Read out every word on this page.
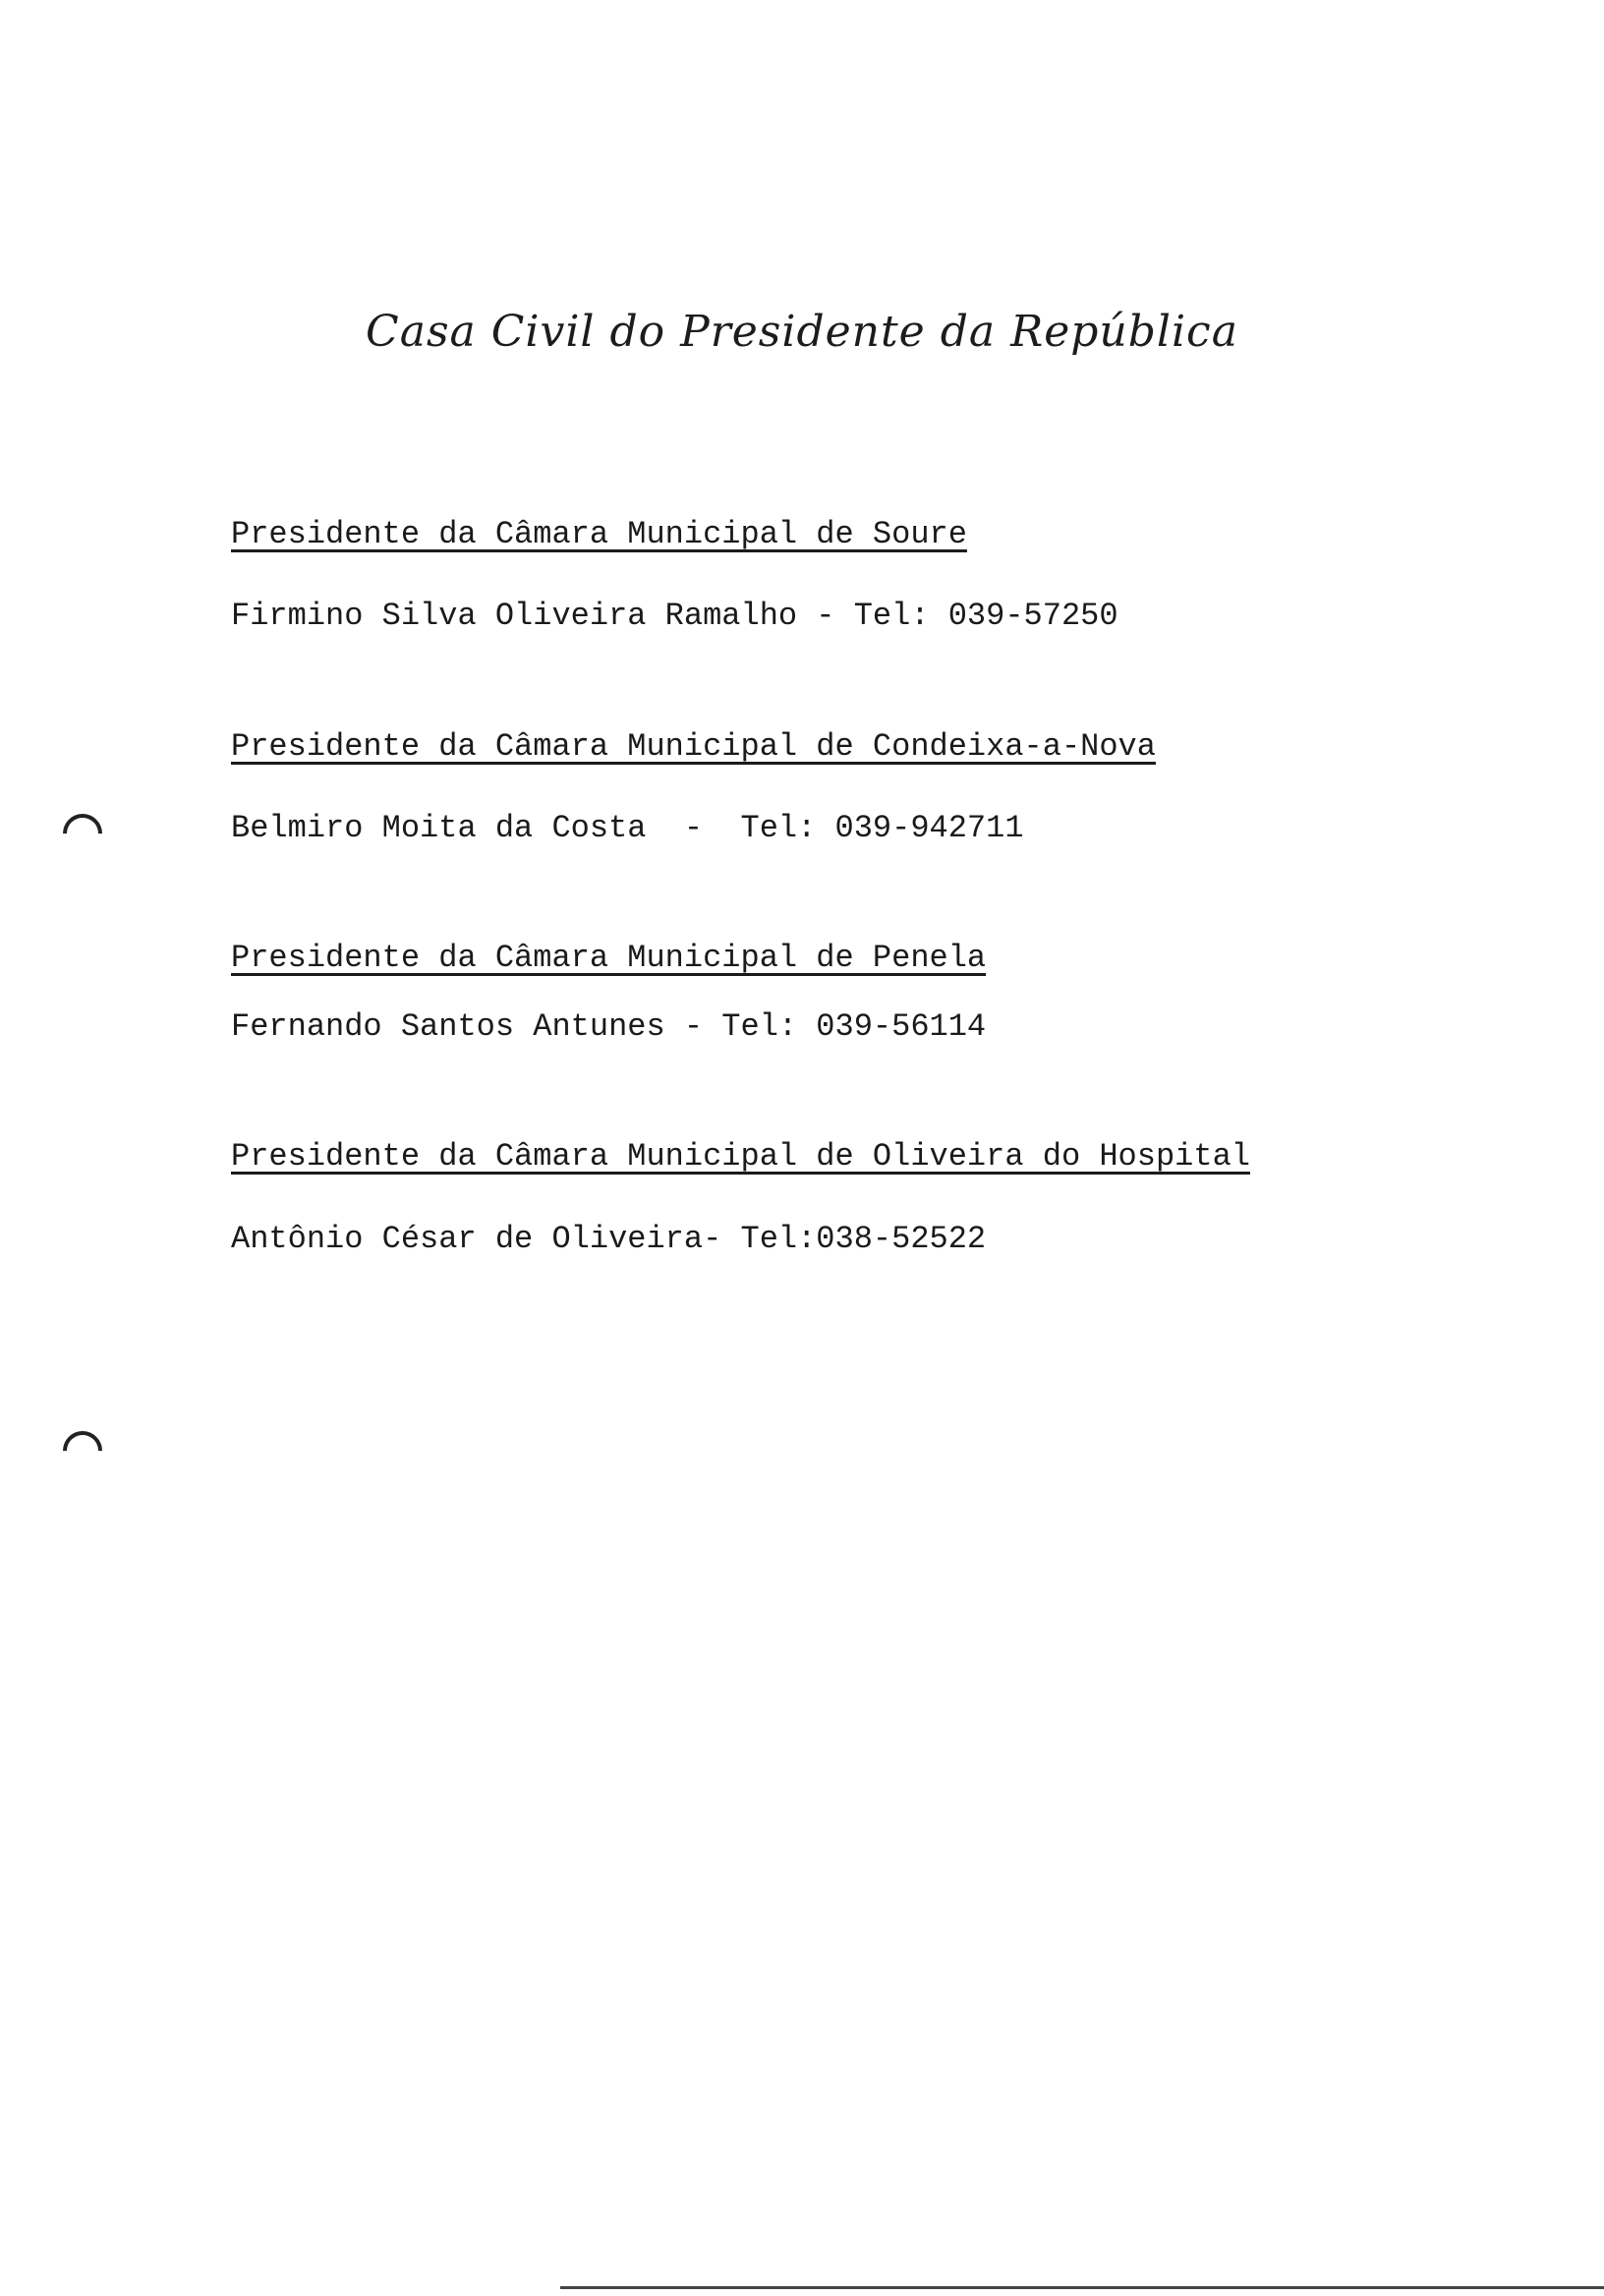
Casa Civil do Presidente da República
Presidente da Câmara Municipal de Soure
Firmino Silva Oliveira Ramalho - Tel: 039-57250
Presidente da Câmara Municipal de Condeixa-a-Nova
Belmiro Moita da Costa  -  Tel: 039-942711
Presidente da Câmara Municipal de Penela
Fernando Santos Antunes - Tel: 039-56114
Presidente da Câmara Municipal de Oliveira do Hospital
Antônio César de Oliveira- Tel:038-52522
